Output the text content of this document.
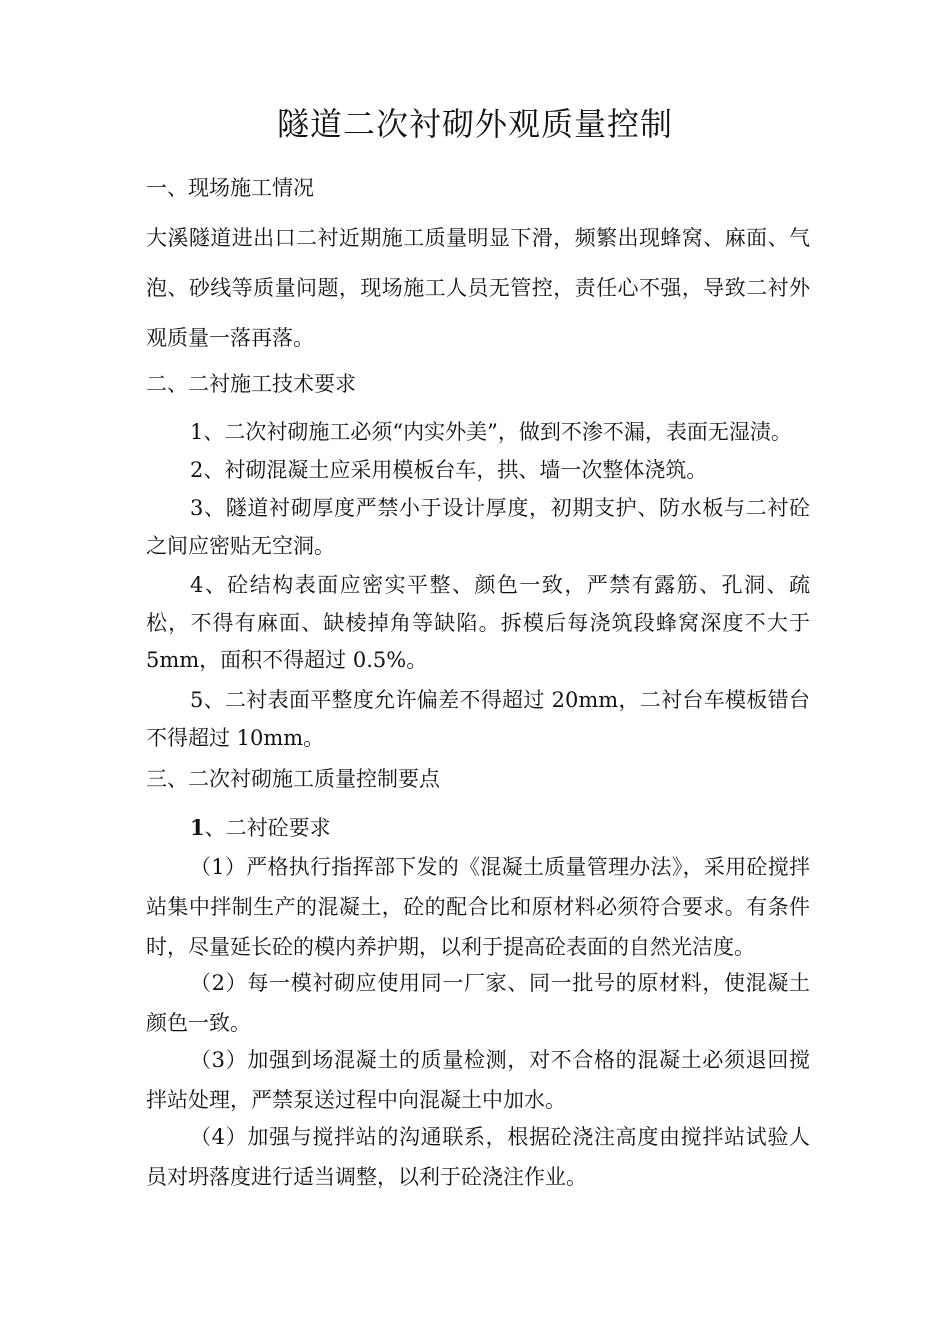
隧道二次衬砌外观质量控制

一、现场施工情况

大溪隧道进出口二衬近期施工质量明显下滑，频繁出现蜂窝、麻面、气泡、砂线等质量问题，现场施工人员无管控，责任心不强，导致二衬外观质量一落再落。

二、二衬施工技术要求

1、二次衬砌施工必须“内实外美”，做到不渗不漏，表面无湿渍。

2、衬砌混凝土应采用模板台车，拱、墙一次整体浇筑。

3、隧道衬砌厚度严禁小于设计厚度，初期支护、防水板与二衬砼之间应密贴无空洞。

4、砼结构表面应密实平整、颜色一致，严禁有露筋、孔洞、疏松，不得有麻面、缺棱掉角等缺陷。拆模后每浇筑段蜂窝深度不大于5mm，面积不得超过 0.5%。

5、二衬表面平整度允许偏差不得超过 20mm，二衬台车模板错台不得超过 10mm。

三、二次衬砌施工质量控制要点

1、二衬砼要求

（1）严格执行指挥部下发的《混凝土质量管理办法》，采用砼搅拌站集中拌制生产的混凝土，砼的配合比和原材料必须符合要求。有条件时，尽量延长砼的模内养护期，以利于提高砼表面的自然光洁度。

（2）每一模衬砌应使用同一厂家、同一批号的原材料，使混凝土颜色一致。

（3）加强到场混凝土的质量检测，对不合格的混凝土必须退回搅拌站处理，严禁泵送过程中向混凝土中加水。

（4）加强与搅拌站的沟通联系，根据砼浇注高度由搅拌站试验人员对坍落度进行适当调整，以利于砼浇注作业。
